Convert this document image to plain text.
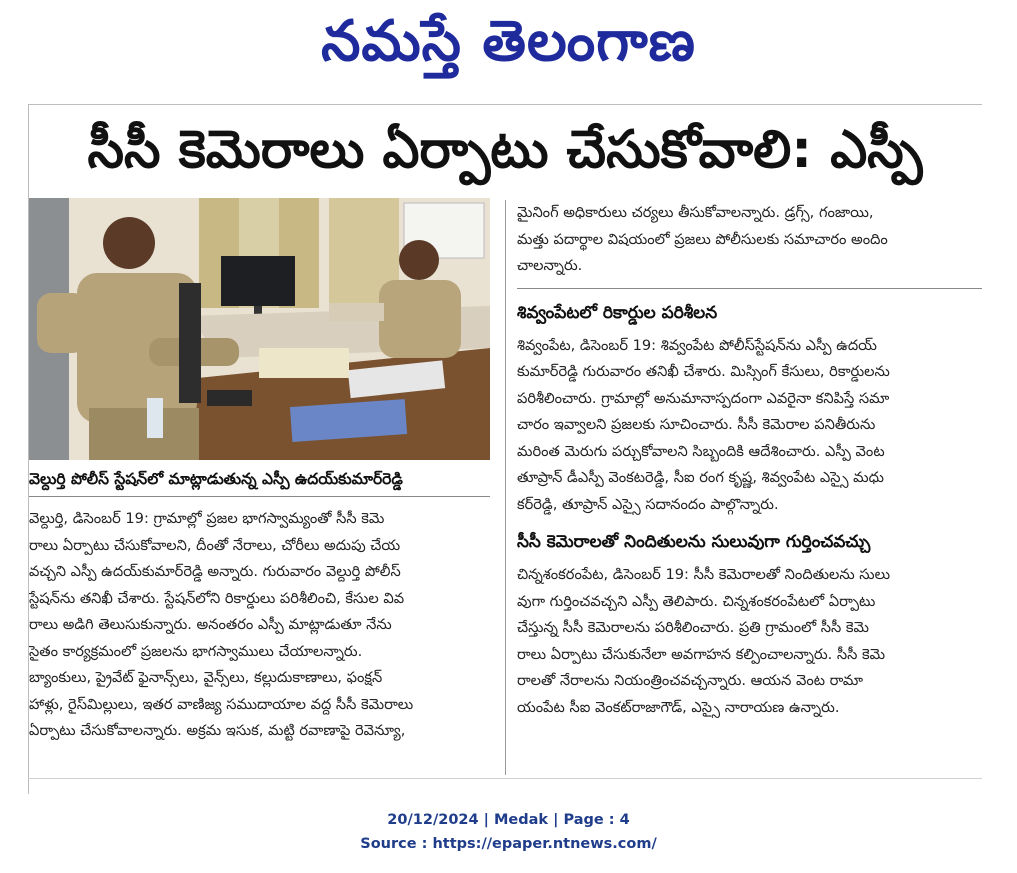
నమస్తే తెలంగాణ
సీసీ కెమెరాలు ఏర్పాటు చేసుకోవాలి: ఎస్పీ
వెల్దుర్తి పోలీస్ స్టేషన్‌లో మాట్లాడుతున్న ఎస్పీ ఉదయ్‌కుమార్‌రెడ్డి

వెల్దుర్తి, డిసెంబర్ 19: గ్రామాల్లో ప్రజల భాగస్వామ్యంతో సీసీ కెమె

రాలు ఏర్పాటు చేసుకోవాలని, దీంతో నేరాలు, చోరీలు అదుపు చేయ

వచ్చని ఎస్పీ ఉదయ్‌కుమార్‌రెడ్డి అన్నారు. గురువారం వెల్దుర్తి పోలీస్

స్టేషన్‌ను తనిఖీ చేశారు. స్టేషన్‌లోని రికార్డులు పరిశీలించి, కేసుల వివ

రాలు అడిగి తెలుసుకున్నారు. అనంతరం ఎస్పీ మాట్లాడుతూ నేను

సైతం కార్యక్రమంలో ప్రజలను భాగస్వాములు చేయాలన్నారు.

బ్యాంకులు, ప్రైవేట్ ఫైనాన్స్‌లు, వైన్స్‌లు, కల్లుదుకాణాలు, ఫంక్షన్

హాళ్లు, రైస్‌మిల్లులు, ఇతర వాణిజ్య సముదాయాల వద్ద సీసీ కెమెరాలు

ఏర్పాటు చేసుకోవాలన్నారు. అక్రమ ఇసుక, మట్టి రవాణాపై రెవెన్యూ,

మైనింగ్ అధికారులు చర్యలు తీసుకోవాలన్నారు. డ్రగ్స్, గంజాయి,

మత్తు పదార్థాల విషయంలో ప్రజలు పోలీసులకు సమాచారం అందిం

చాలన్నారు.

శివ్వంపేటలో రికార్డుల పరిశీలన

శివ్వంపేట, డిసెంబర్ 19: శివ్వంపేట పోలీస్‌స్టేషన్‌ను ఎస్పీ ఉదయ్

కుమార్‌రెడ్డి గురువారం తనిఖీ చేశారు. మిస్సింగ్ కేసులు, రికార్డులను

పరిశీలించారు. గ్రామాల్లో అనుమానాస్పదంగా ఎవరైనా కనిపిస్తే సమా

చారం ఇవ్వాలని ప్రజలకు సూచించారు. సీసీ కెమెరాల పనితీరును

మరింత మెరుగు పర్చుకోవాలని సిబ్బందికి ఆదేశించారు. ఎస్పీ వెంట

తూప్రాన్ డీఎస్పీ వెంకటరెడ్డి, సీఐ రంగ కృష్ణ, శివ్వంపేట ఎస్సై మధు

కర్‌రెడ్డి, తూప్రాన్ ఎస్సై సదానందం పాల్గొన్నారు.

సీసీ కెమెరాలతో నిందితులను సులువుగా గుర్తించవచ్చు

చిన్నశంకరంపేట, డిసెంబర్ 19: సీసీ కెమెరాలతో నిందితులను సులు

వుగా గుర్తించవచ్చని ఎస్పీ తెలిపారు. చిన్నశంకరంపేటలో ఏర్పాటు

చేస్తున్న సీసీ కెమెరాలను పరిశీలించారు. ప్రతి గ్రామంలో సీసీ కెమె

రాలు ఏర్పాటు చేసుకునేలా అవగాహన కల్పించాలన్నారు. సీసీ కెమె

రాలతో నేరాలను నియంత్రించవచ్చన్నారు. ఆయన వెంట రామా

యంపేట సీఐ వెంకట్‌రాజాగౌడ్, ఎస్సై నారాయణ ఉన్నారు.

20/12/2024 | Medak | Page : 4
Source : https://epaper.ntnews.com/
